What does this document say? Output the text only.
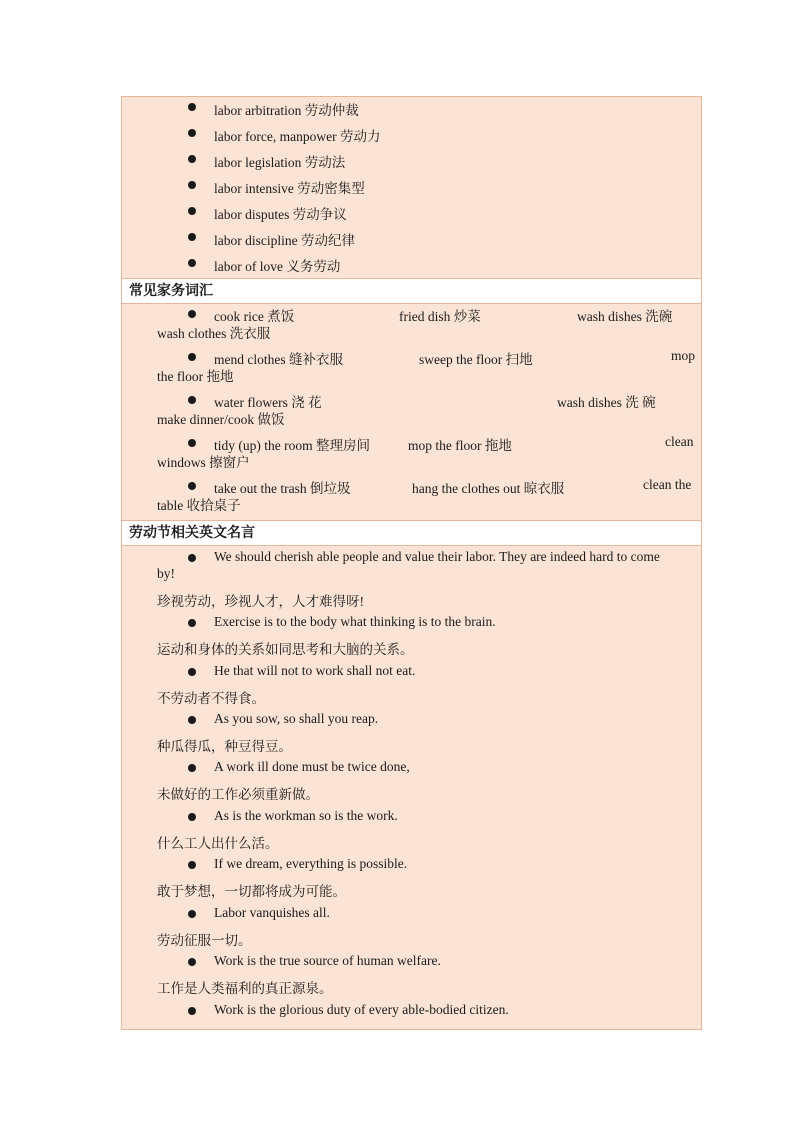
labor arbitration 劳动仲裁
labor force, manpower 劳动力
labor legislation 劳动法
labor intensive 劳动密集型
labor disputes 劳动争议
labor discipline 劳动纪律
labor of love 义务劳动
常见家务词汇
cook rice 煮饭	fried dish 炒菜	wash dishes 洗碗
wash clothes 洗衣服
mend clothes 缝补衣服	sweep the floor 扫地	mop
the floor 拖地
water flowers 浇 花	wash dishes 洗 碗
make dinner/cook 做饭
tidy (up) the room 整理房间	mop the floor 拖地	clean
windows 擦窗户
take out the trash 倒垃圾	hang the clothes out 晾衣服	clean the
table 收拾桌子
劳动节相关英文名言
We should cherish able people and value their labor. They are indeed hard to come
by!
珍视劳动，珍视人才，人才难得呀!
Exercise is to the body what thinking is to the brain.
运动和身体的关系如同思考和大脑的关系。
He that will not to work shall not eat.
不劳动者不得食。
As you sow, so shall you reap.
种瓜得瓜，种豆得豆。
A work ill done must be twice done,
未做好的工作必须重新做。
As is the workman so is the work.
什么工人出什么活。
If we dream, everything is possible.
敢于梦想，一切都将成为可能。
Labor vanquishes all.
劳动征服一切。
Work is the true source of human welfare.
工作是人类福利的真正源泉。
Work is the glorious duty of every able-bodied citizen.
